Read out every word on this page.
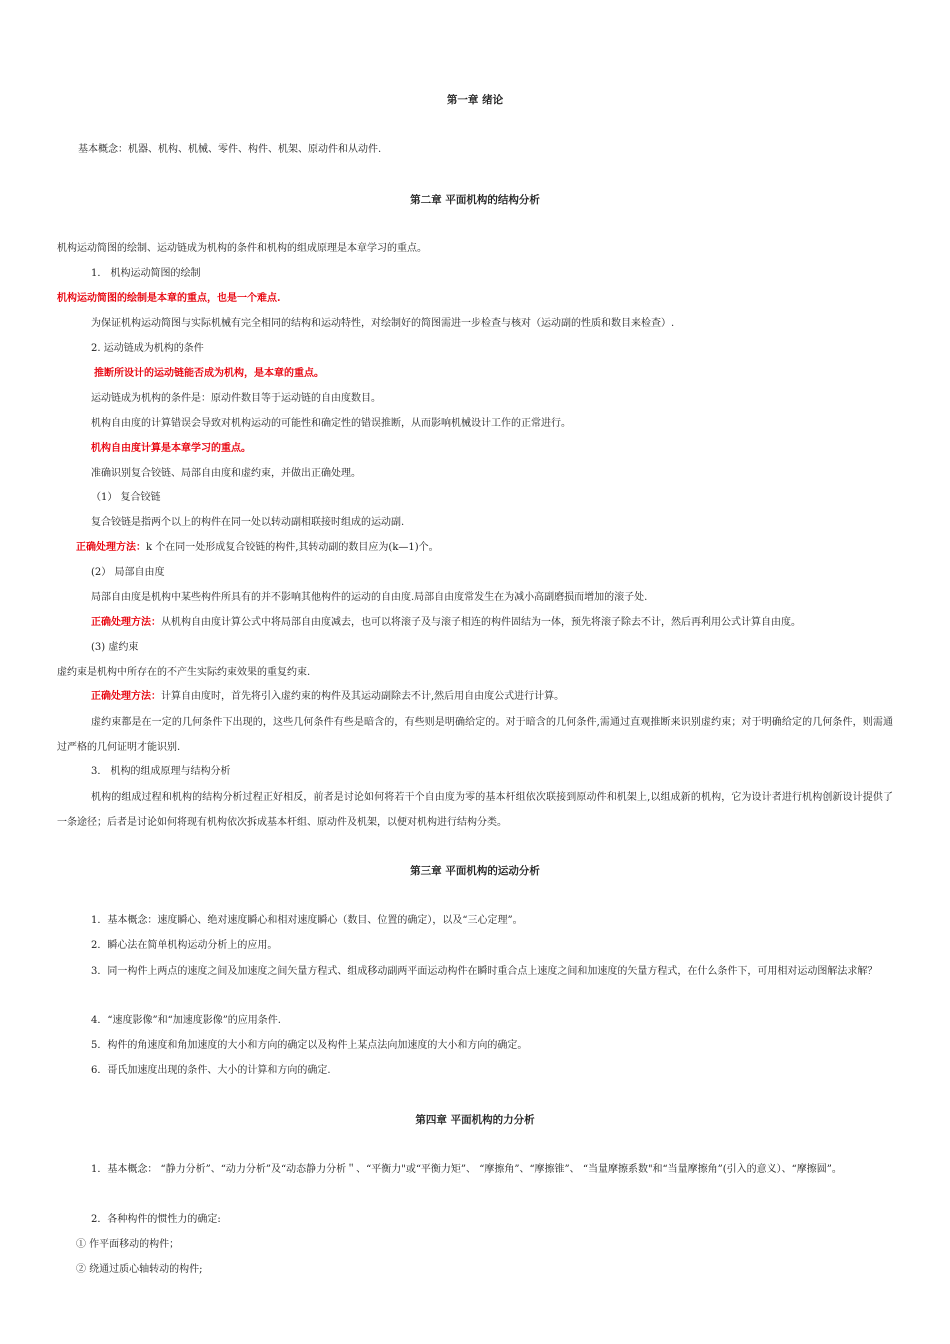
第一章 绪论
基本概念：机器、机构、机械、零件、构件、机架、原动件和从动件.
第二章 平面机构的结构分析
机构运动简图的绘制、运动链成为机构的条件和机构的组成原理是本章学习的重点。
1． 机构运动简图的绘制
机构运动简图的绘制是本章的重点，也是一个难点.
为保证机构运动简图与实际机械有完全相同的结构和运动特性，对绘制好的简图需进一步检查与核对（运动副的性质和数目来检查）.
2. 运动链成为机构的条件
推断所设计的运动链能否成为机构，是本章的重点。
运动链成为机构的条件是：原动件数目等于运动链的自由度数目。
机构自由度的计算错误会导致对机构运动的可能性和确定性的错误推断，从而影响机械设计工作的正常进行。
机构自由度计算是本章学习的重点。
准确识别复合铰链、局部自由度和虚约束，并做出正确处理。
（1） 复合铰链
复合铰链是指两个以上的构件在同一处以转动副相联接时组成的运动副.
正确处理方法：k 个在同一处形成复合铰链的构件,其转动副的数目应为(k—1)个。
(2） 局部自由度
局部自由度是机构中某些构件所具有的并不影响其他构件的运动的自由度.局部自由度常发生在为减小高副磨损而增加的滚子处.
正确处理方法：从机构自由度计算公式中将局部自由度减去，也可以将滚子及与滚子相连的构件固结为一体，预先将滚子除去不计，然后再利用公式计算自由度。
(3) 虚约束
虚约束是机构中所存在的不产生实际约束效果的重复约束.
正确处理方法：计算自由度时，首先将引入虚约束的构件及其运动副除去不计,然后用自由度公式进行计算。
虚约束都是在一定的几何条件下出现的，这些几何条件有些是暗含的，有些则是明确给定的。对于暗含的几何条件,需通过直观推断来识别虚约束；对于明确给定的几何条件，则需通过严格的几何证明才能识别.
3． 机构的组成原理与结构分析
机构的组成过程和机构的结构分析过程正好相反，前者是讨论如何将若干个自由度为零的基本杆组依次联接到原动件和机架上,以组成新的机构，它为设计者进行机构创新设计提供了一条途径；后者是讨论如何将现有机构依次拆成基本杆组、原动件及机架，以便对机构进行结构分类。
第三章 平面机构的运动分析
1．基本概念：速度瞬心、绝对速度瞬心和相对速度瞬心（数目、位置的确定），以及“三心定理”。
2．瞬心法在简单机构运动分析上的应用。
3．同一构件上两点的速度之间及加速度之间矢量方程式、组成移动副两平面运动构件在瞬时重合点上速度之间和加速度的矢量方程式，在什么条件下，可用相对运动图解法求解？
4．“速度影像”和“加速度影像”的应用条件.
5．构件的角速度和角加速度的大小和方向的确定以及构件上某点法向加速度的大小和方向的确定。
6．哥氏加速度出现的条件、大小的计算和方向的确定.
第四章 平面机构的力分析
1．基本概念： “静力分析”、“动力分析”及“动态静力分析＂、“平衡力"或“平衡力矩”、 “摩擦角”、“摩擦锥”、 “当量摩擦系数"和“当量摩擦角”(引入的意义）、“摩擦圆”。
2．各种构件的惯性力的确定:
① 作平面移动的构件；
② 绕通过质心轴转动的构件;
